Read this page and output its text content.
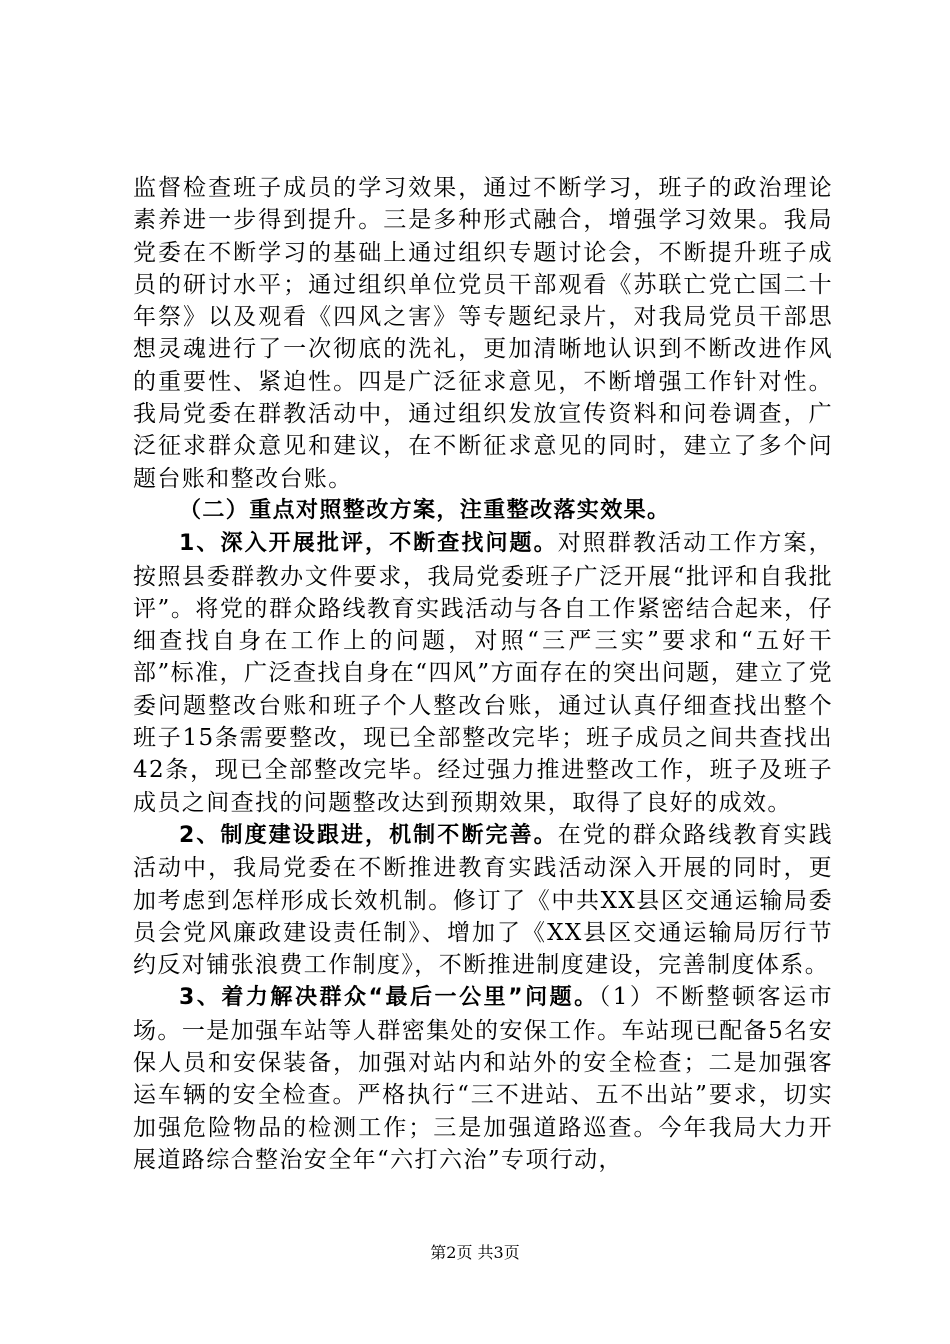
监督检查班子成员的学习效果，通过不断学习，班子的政治理论素养进一步得到提升。三是多种形式融合，增强学习效果。我局党委在不断学习的基础上通过组织专题讨论会，不断提升班子成员的研讨水平；通过组织单位党员干部观看《苏联亡党亡国二十年祭》以及观看《四风之害》等专题纪录片，对我局党员干部思想灵魂进行了一次彻底的洗礼，更加清晰地认识到不断改进作风的重要性、紧迫性。四是广泛征求意见，不断增强工作针对性。我局党委在群教活动中，通过组织发放宣传资料和问卷调查，广泛征求群众意见和建议，在不断征求意见的同时，建立了多个问题台账和整改台账。

（二）重点对照整改方案，注重整改落实效果。

1、深入开展批评，不断查找问题。对照群教活动工作方案，按照县委群教办文件要求，我局党委班子广泛开展“批评和自我批评”。将党的群众路线教育实践活动与各自工作紧密结合起来，仔细查找自身在工作上的问题，对照“三严三实”要求和“五好干部”标准，广泛查找自身在“四风”方面存在的突出问题，建立了党委问题整改台账和班子个人整改台账，通过认真仔细查找出整个班子15条需要整改，现已全部整改完毕；班子成员之间共查找出42条，现已全部整改完毕。经过强力推进整改工作，班子及班子成员之间查找的问题整改达到预期效果，取得了良好的成效。

2、制度建设跟进，机制不断完善。在党的群众路线教育实践活动中，我局党委在不断推进教育实践活动深入开展的同时，更加考虑到怎样形成长效机制。修订了《中共XX县区交通运输局委员会党风廉政建设责任制》、增加了《XX县区交通运输局厉行节约反对铺张浪费工作制度》，不断推进制度建设，完善制度体系。

3、着力解决群众“最后一公里”问题。（1）不断整顿客运市场。一是加强车站等人群密集处的安保工作。车站现已配备5名安保人员和安保装备，加强对站内和站外的安全检查；二是加强客运车辆的安全检查。严格执行“三不进站、五不出站”要求，切实加强危险物品的检测工作；三是加强道路巡查。今年我局大力开展道路综合整治安全年“六打六治”专项行动，

第2页 共3页
